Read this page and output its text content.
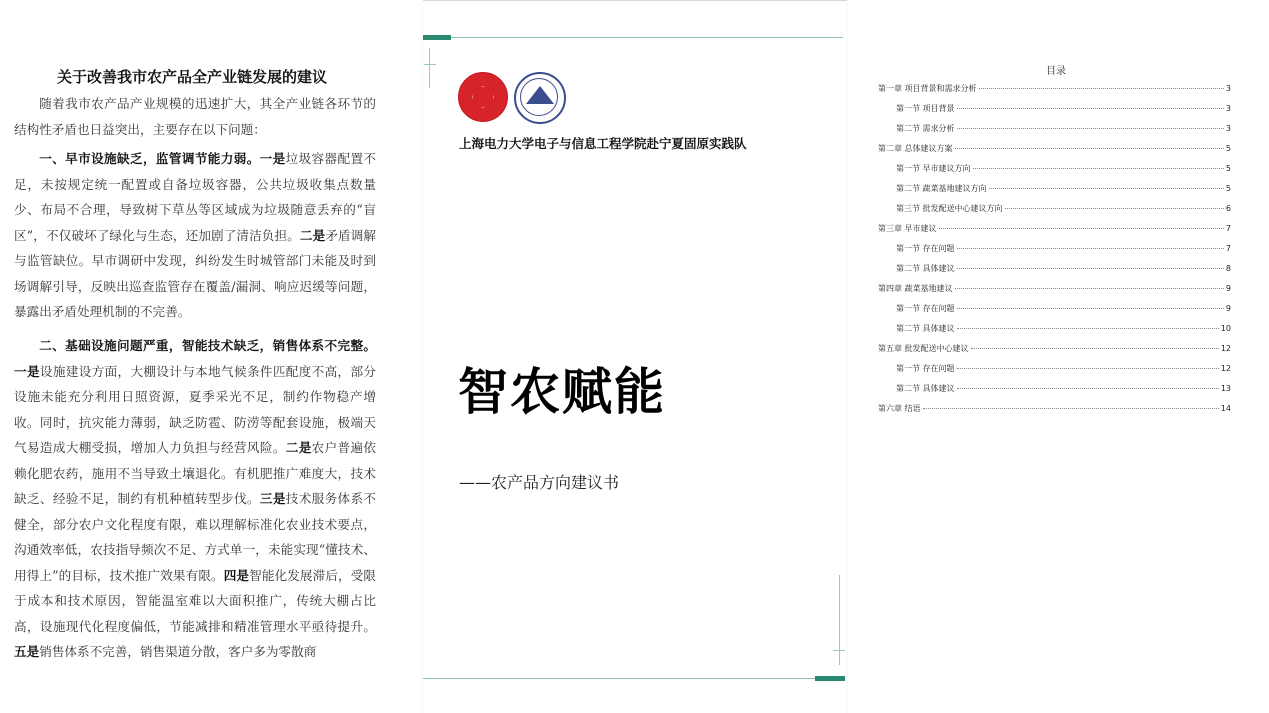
关于改善我市农产品全产业链发展的建议

随着我市农产品产业规模的迅速扩大，其全产业链各环节的结构性矛盾也日益突出，主要存在以下问题：

一、早市设施缺乏，监管调节能力弱。一是垃圾容器配置不足，未按规定统一配置或自备垃圾容器，公共垃圾收集点数量少、布局不合理，导致树下草丛等区域成为垃圾随意丢弃的“盲区”，不仅破坏了绿化与生态，还加剧了清洁负担。二是矛盾调解与监管缺位。早市调研中发现，纠纷发生时城管部门未能及时到场调解引导，反映出巡查监管存在覆盖/漏洞、响应迟缓等问题，暴露出矛盾处理机制的不完善。

二、基础设施问题严重，智能技术缺乏，销售体系不完整。一是设施建设方面，大棚设计与本地气候条件匹配度不高，部分设施未能充分利用日照资源，夏季采光不足，制约作物稳产增收。同时，抗灾能力薄弱，缺乏防雹、防涝等配套设施，极端天气易造成大棚受损，增加人力负担与经营风险。二是农户普遍依赖化肥农药，施用不当导致土壤退化。有机肥推广难度大，技术缺乏、经验不足，制约有机种植转型步伐。三是技术服务体系不健全，部分农户文化程度有限，难以理解标准化农业技术要点，沟通效率低，农技指导频次不足、方式单一，未能实现“懂技术、用得上”的目标，技术推广效果有限。四是智能化发展滞后，受限于成本和技术原因，智能温室难以大面积推广，传统大棚占比高，设施现代化程度偏低，节能减排和精准管理水平亟待提升。五是销售体系不完善，销售渠道分散，客户多为零散商

上海电力大学电子与信息工程学院赴宁夏固原实践队
智农赋能
——农产品方向建议书
目录
第一章 项目背景和需求分析	3
第一节 项目背景	3
第二节 需求分析	3
第二章 总体建议方案	5
第一节 早市建议方向	5
第二节 蔬菜基地建议方向	5
第三节 批发配送中心建议方向	6
第三章 早市建议	7
第一节 存在问题	7
第二节 具体建议	8
第四章 蔬菜基地建议	9
第一节 存在问题	9
第二节 具体建议	10
第五章 批发配送中心建议	12
第一节 存在问题	12
第二节 具体建议	13
第六章 结语	14
